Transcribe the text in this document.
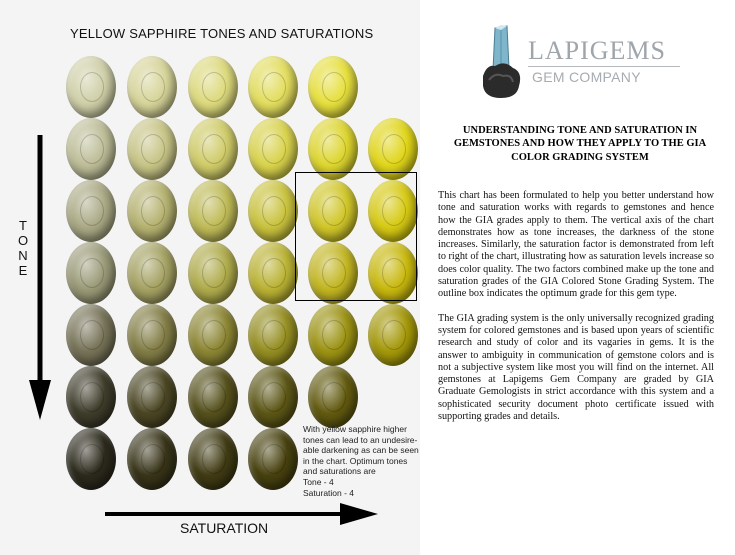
YELLOW SAPPHIRE TONES AND SATURATIONS
TONE

With yellow sapphire higher

tones can lead to an undesire-

able darkening as can be seen

in the chart. Optimum tones

and saturations are

Tone - 4

Saturation - 4

SATURATION
LAPIGEMS
GEM COMPANY
UNDERSTANDING TONE AND SATURATION IN GEMSTONES AND HOW THEY APPLY TO THE GIA COLOR GRADING SYSTEM

This chart has been formulated to help you better understand how tone and saturation works with regards to gemstones and hence how the GIA grades apply to them. The vertical axis of the chart demonstrates how as tone increases, the darkness of the stone increases. Similarly, the saturation factor is demonstrated from left to right of the chart, illustrating how as saturation levels increase so does color quality. The two factors combined make up the tone and saturation grades of the GIA Colored Stone Grading System. The outline box indicates the optimum grade for this gem type.

The GIA grading system is the only universally recognized grading system for colored gemstones and is based upon years of scientific research and study of color and its vagaries in gems. It is the answer to ambiguity in communication of gemstone colors and is not a subjective system like most you will find on the internet. All gemstones at Lapigems Gem Company are graded by GIA Graduate Gemologists in strict accordance with this system and a sophisticated security document photo certificate issued with supporting grades and details.
